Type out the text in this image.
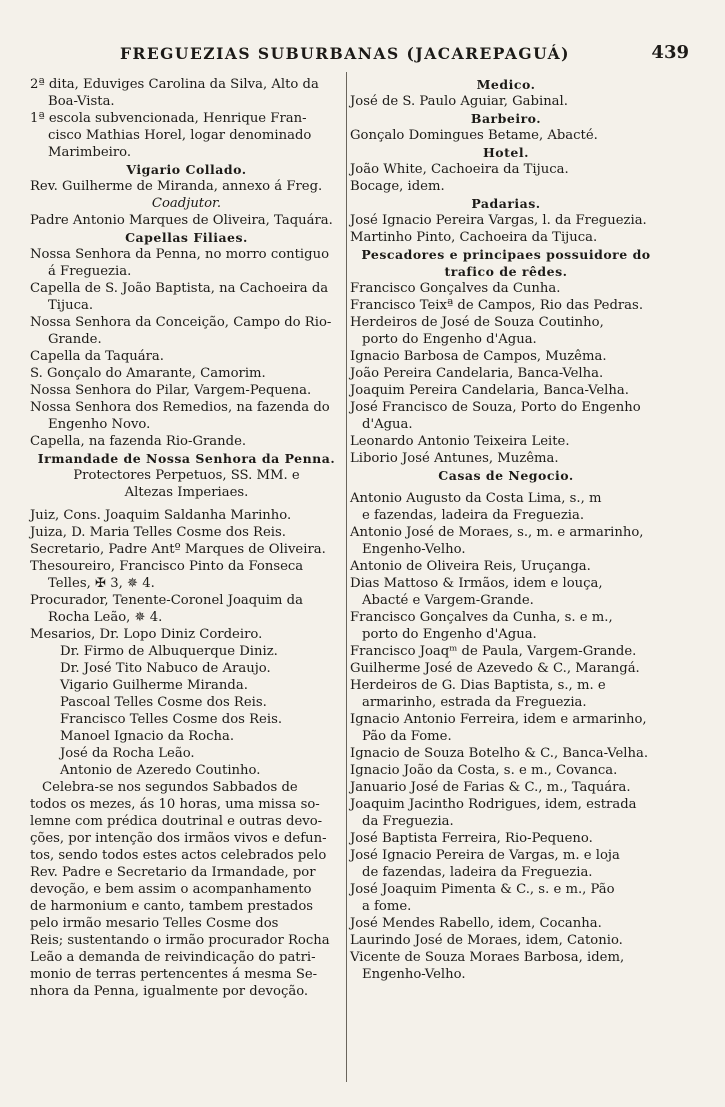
FREGUEZIAS SUBURBANAS (JACAREPAGUÁ)	439
2ª dita, Eduviges Carolina da Silva, Alto da
Boa-Vista.
1ª escola subvencionada, Henrique Fran-
cisco Mathias Horel, logar denominado
Marimbeiro.
Vigario Collado.
Rev. Guilherme de Miranda, annexo á Freg.
Coadjutor.
Padre Antonio Marques de Oliveira, Taquára.
Capellas Filiaes.
Nossa Senhora da Penna, no morro contiguo
á Freguezia.
Capella de S. João Baptista, na Cachoeira da
Tijuca.
Nossa Senhora da Conceição, Campo do Rio-
Grande.
Capella da Taquára.
S. Gonçalo do Amarante, Camorim.
Nossa Senhora do Pilar, Vargem-Pequena.
Nossa Senhora dos Remedios, na fazenda do
Engenho Novo.
Capella, na fazenda Rio-Grande.
Irmandade de Nossa Senhora da Penna.
Protectores Perpetuos, SS. MM. e
Altezas Imperiaes.
Juiz, Cons. Joaquim Saldanha Marinho.
Juiza, D. Maria Telles Cosme dos Reis.
Secretario, Padre Antº Marques de Oliveira.
Thesoureiro, Francisco Pinto da Fonseca
Telles, ✠ 3, ✵ 4.
Procurador, Tenente-Coronel Joaquim da
Rocha Leão, ✵ 4.
Mesarios, Dr. Lopo Diniz Cordeiro.
Dr. Firmo de Albuquerque Diniz.
Dr. José Tito Nabuco de Araujo.
Vigario Guilherme Miranda.
Pascoal Telles Cosme dos Reis.
Francisco Telles Cosme dos Reis.
Manoel Ignacio da Rocha.
José da Rocha Leão.
Antonio de Azeredo Coutinho.
Celebra-se nos segundos Sabbados de
todos os mezes, ás 10 horas, uma missa so-
lemne com prédica doutrinal e outras devo-
ções, por intenção dos irmãos vivos e defun-
tos, sendo todos estes actos celebrados pelo
Rev. Padre e Secretario da Irmandade, por
devoção, e bem assim o acompanhamento
de harmonium e canto, tambem prestados
pelo irmão mesario Telles Cosme dos
Reis; sustentando o irmão procurador Rocha
Leão a demanda de reivindicação do patri-
monio de terras pertencentes á mesma Se-
nhora da Penna, igualmente por devoção.
Medico.
José de S. Paulo Aguiar, Gabinal.
Barbeiro.
Gonçalo Domingues Betame, Abacté.
Hotel.
João White, Cachoeira da Tijuca.
Bocage, idem.
Padarias.
José Ignacio Pereira Vargas, l. da Freguezia.
Martinho Pinto, Cachoeira da Tijuca.
Pescadores e principaes possuidore do
trafico de rêdes.
Francisco Gonçalves da Cunha.
Francisco Teixª de Campos, Rio das Pedras.
Herdeiros de José de Souza Coutinho,
porto do Engenho d'Agua.
Ignacio Barbosa de Campos, Muzêma.
João Pereira Candelaria, Banca-Velha.
Joaquim Pereira Candelaria, Banca-Velha.
José Francisco de Souza, Porto do Engenho
d'Agua.
Leonardo Antonio Teixeira Leite.
Liborio José Antunes, Muzêma.
Casas de Negocio.
Antonio Augusto da Costa Lima, s., m
e fazendas, ladeira da Freguezia.
Antonio José de Moraes, s., m. e armarinho,
Engenho-Velho.
Antonio de Oliveira Reis, Uruçanga.
Dias Mattoso & Irmãos, idem e louça,
Abacté e Vargem-Grande.
Francisco Gonçalves da Cunha, s. e m.,
porto do Engenho d'Agua.
Francisco Joaqᵐ de Paula, Vargem-Grande.
Guilherme José de Azevedo & C., Marangá.
Herdeiros de G. Dias Baptista, s., m. e
armarinho, estrada da Freguezia.
Ignacio Antonio Ferreira, idem e armarinho,
Pão da Fome.
Ignacio de Souza Botelho & C., Banca-Velha.
Ignacio João da Costa, s. e m., Covanca.
Januario José de Farias & C., m., Taquára.
Joaquim Jacintho Rodrigues, idem, estrada
da Freguezia.
José Baptista Ferreira, Rio-Pequeno.
José Ignacio Pereira de Vargas, m. e loja
de fazendas, ladeira da Freguezia.
José Joaquim Pimenta & C., s. e m., Pão
a fome.
José Mendes Rabello, idem, Cocanha.
Laurindo José de Moraes, idem, Catonio.
Vicente de Souza Moraes Barbosa, idem,
Engenho-Velho.
